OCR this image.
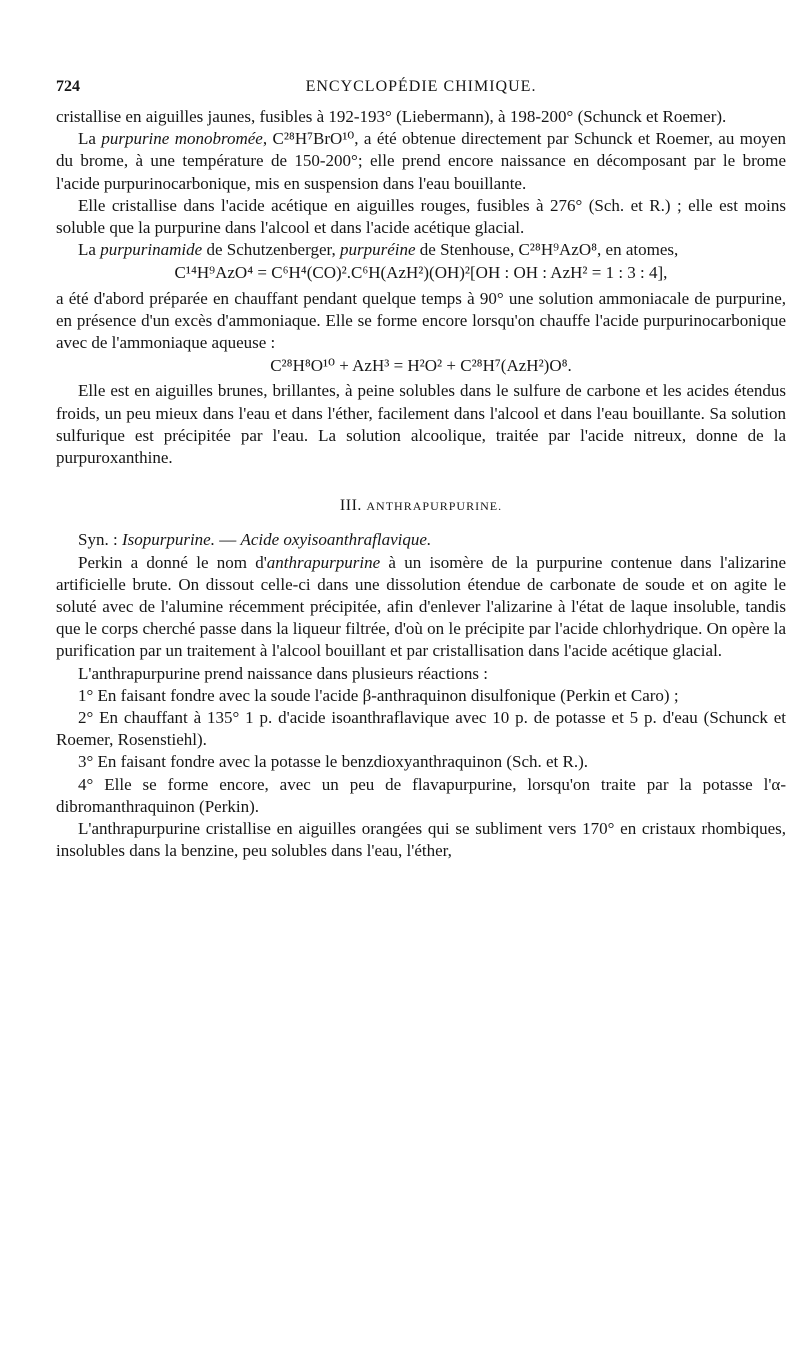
724	ENCYCLOPÉDIE CHIMIQUE.

cristallise en aiguilles jaunes, fusibles à 192-193° (Liebermann), à 198-200° (Schunck et Roemer).

La purpurine monobromée, C²⁸H⁷BrO¹⁰, a été obtenue directement par Schunck et Roemer, au moyen du brome, à une température de 150-200°; elle prend encore naissance en décomposant par le brome l'acide purpurinocarbonique, mis en suspension dans l'eau bouillante.

Elle cristallise dans l'acide acétique en aiguilles rouges, fusibles à 276° (Sch. et R.) ; elle est moins soluble que la purpurine dans l'alcool et dans l'acide acétique glacial.

La purpurinamide de Schutzenberger, purpuréine de Stenhouse, C²⁸H⁹AzO⁸, en atomes,

C¹⁴H⁹AzO⁴ = C⁶H⁴(CO)².C⁶H(AzH²)(OH)²[OH : OH : AzH² = 1 : 3 : 4],

a été d'abord préparée en chauffant pendant quelque temps à 90° une solution ammoniacale de purpurine, en présence d'un excès d'ammoniaque. Elle se forme encore lorsqu'on chauffe l'acide purpurinocarbonique avec de l'ammoniaque aqueuse :

C²⁸H⁸O¹⁰ + AzH³ = H²O² + C²⁸H⁷(AzH²)O⁸.

Elle est en aiguilles brunes, brillantes, à peine solubles dans le sulfure de carbone et les acides étendus froids, un peu mieux dans l'eau et dans l'éther, facilement dans l'alcool et dans l'eau bouillante. Sa solution sulfurique est précipitée par l'eau. La solution alcoolique, traitée par l'acide nitreux, donne de la purpuroxanthine.

III. ANTHRAPURPURINE.

Syn. : Isopurpurine. — Acide oxyisoanthraflavique.

Perkin a donné le nom d'anthrapurpurine à un isomère de la purpurine contenue dans l'alizarine artificielle brute. On dissout celle-ci dans une dissolution étendue de carbonate de soude et on agite le soluté avec de l'alumine récemment précipitée, afin d'enlever l'alizarine à l'état de laque insoluble, tandis que le corps cherché passe dans la liqueur filtrée, d'où on le précipite par l'acide chlorhydrique. On opère la purification par un traitement à l'alcool bouillant et par cristallisation dans l'acide acétique glacial.

L'anthrapurpurine prend naissance dans plusieurs réactions :

1° En faisant fondre avec la soude l'acide β-anthraquinon disulfonique (Perkin et Caro) ;

2° En chauffant à 135° 1 p. d'acide isoanthraflavique avec 10 p. de potasse et 5 p. d'eau (Schunck et Roemer, Rosenstiehl).

3° En faisant fondre avec la potasse le benzdioxyanthraquinon (Sch. et R.).

4° Elle se forme encore, avec un peu de flavapurpurine, lorsqu'on traite par la potasse l'α-dibromanthraquinon (Perkin).

L'anthrapurpurine cristallise en aiguilles orangées qui se subliment vers 170° en cristaux rhombiques, insolubles dans la benzine, peu solubles dans l'eau, l'éther,
